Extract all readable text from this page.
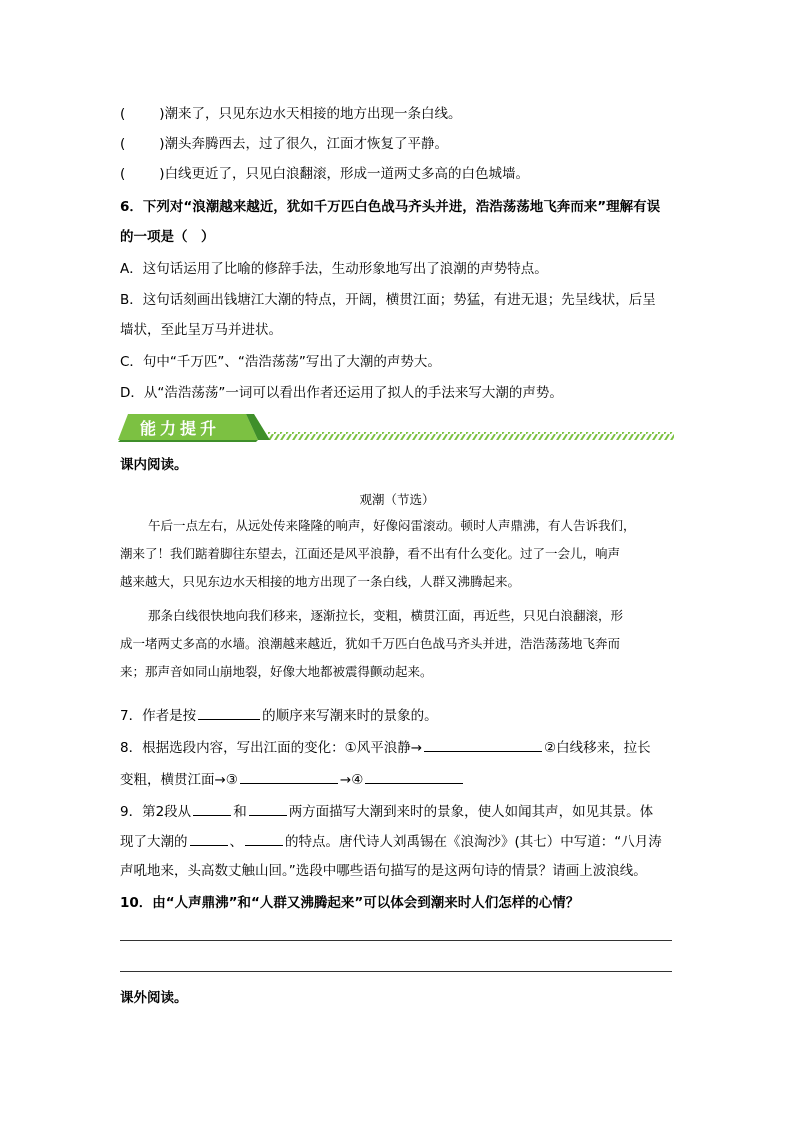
(	)潮来了，只见东边水天相接的地方出现一条白线。
(	)潮头奔腾西去，过了很久，江面才恢复了平静。
(	)白线更近了，只见白浪翻滚，形成一道两丈多高的白色城墙。
6．下列对“浪潮越来越近，犹如千万匹白色战马齐头并进，浩浩荡荡地飞奔而来”理解有误
的一项是（　）
A．这句话运用了比喻的修辞手法，生动形象地写出了浪潮的声势特点。
B．这句话刻画出钱塘江大潮的特点，开阔，横贯江面；势猛，有进无退；先呈线状，后呈
墙状，至此呈万马并进状。
C．句中“千万匹”、“浩浩荡荡”写出了大潮的声势大。
D．从“浩浩荡荡”一词可以看出作者还运用了拟人的手法来写大潮的声势。
能力提升
课内阅读。
观潮（节选）
午后一点左右，从远处传来隆隆的响声，好像闷雷滚动。顿时人声鼎沸，有人告诉我们，
潮来了！我们踮着脚往东望去，江面还是风平浪静，看不出有什么变化。过了一会儿，响声
越来越大，只见东边水天相接的地方出现了一条白线，人群又沸腾起来。
那条白线很快地向我们移来，逐渐拉长，变粗，横贯江面，再近些，只见白浪翻滚，形
成一堵两丈多高的水墙。浪潮越来越近，犹如千万匹白色战马齐头并进，浩浩荡荡地飞奔而
来；那声音如同山崩地裂，好像大地都被震得颤动起来。
7．作者是按	的顺序来写潮来时的景象的。
8．根据选段内容，写出江面的变化：①风平浪静→	②白线移来，拉长
变粗，横贯江面→③	→④
9．第2段从	和	两方面描写大潮到来时的景象，使人如闻其声，如见其景。体
现了大潮的	、	的特点。唐代诗人刘禹锡在《浪淘沙》(其七）中写道：“八月涛
声吼地来，头高数丈触山回。”选段中哪些语句描写的是这两句诗的情景？请画上波浪线。
10．由“人声鼎沸”和“人群又沸腾起来”可以体会到潮来时人们怎样的心情？
课外阅读。
